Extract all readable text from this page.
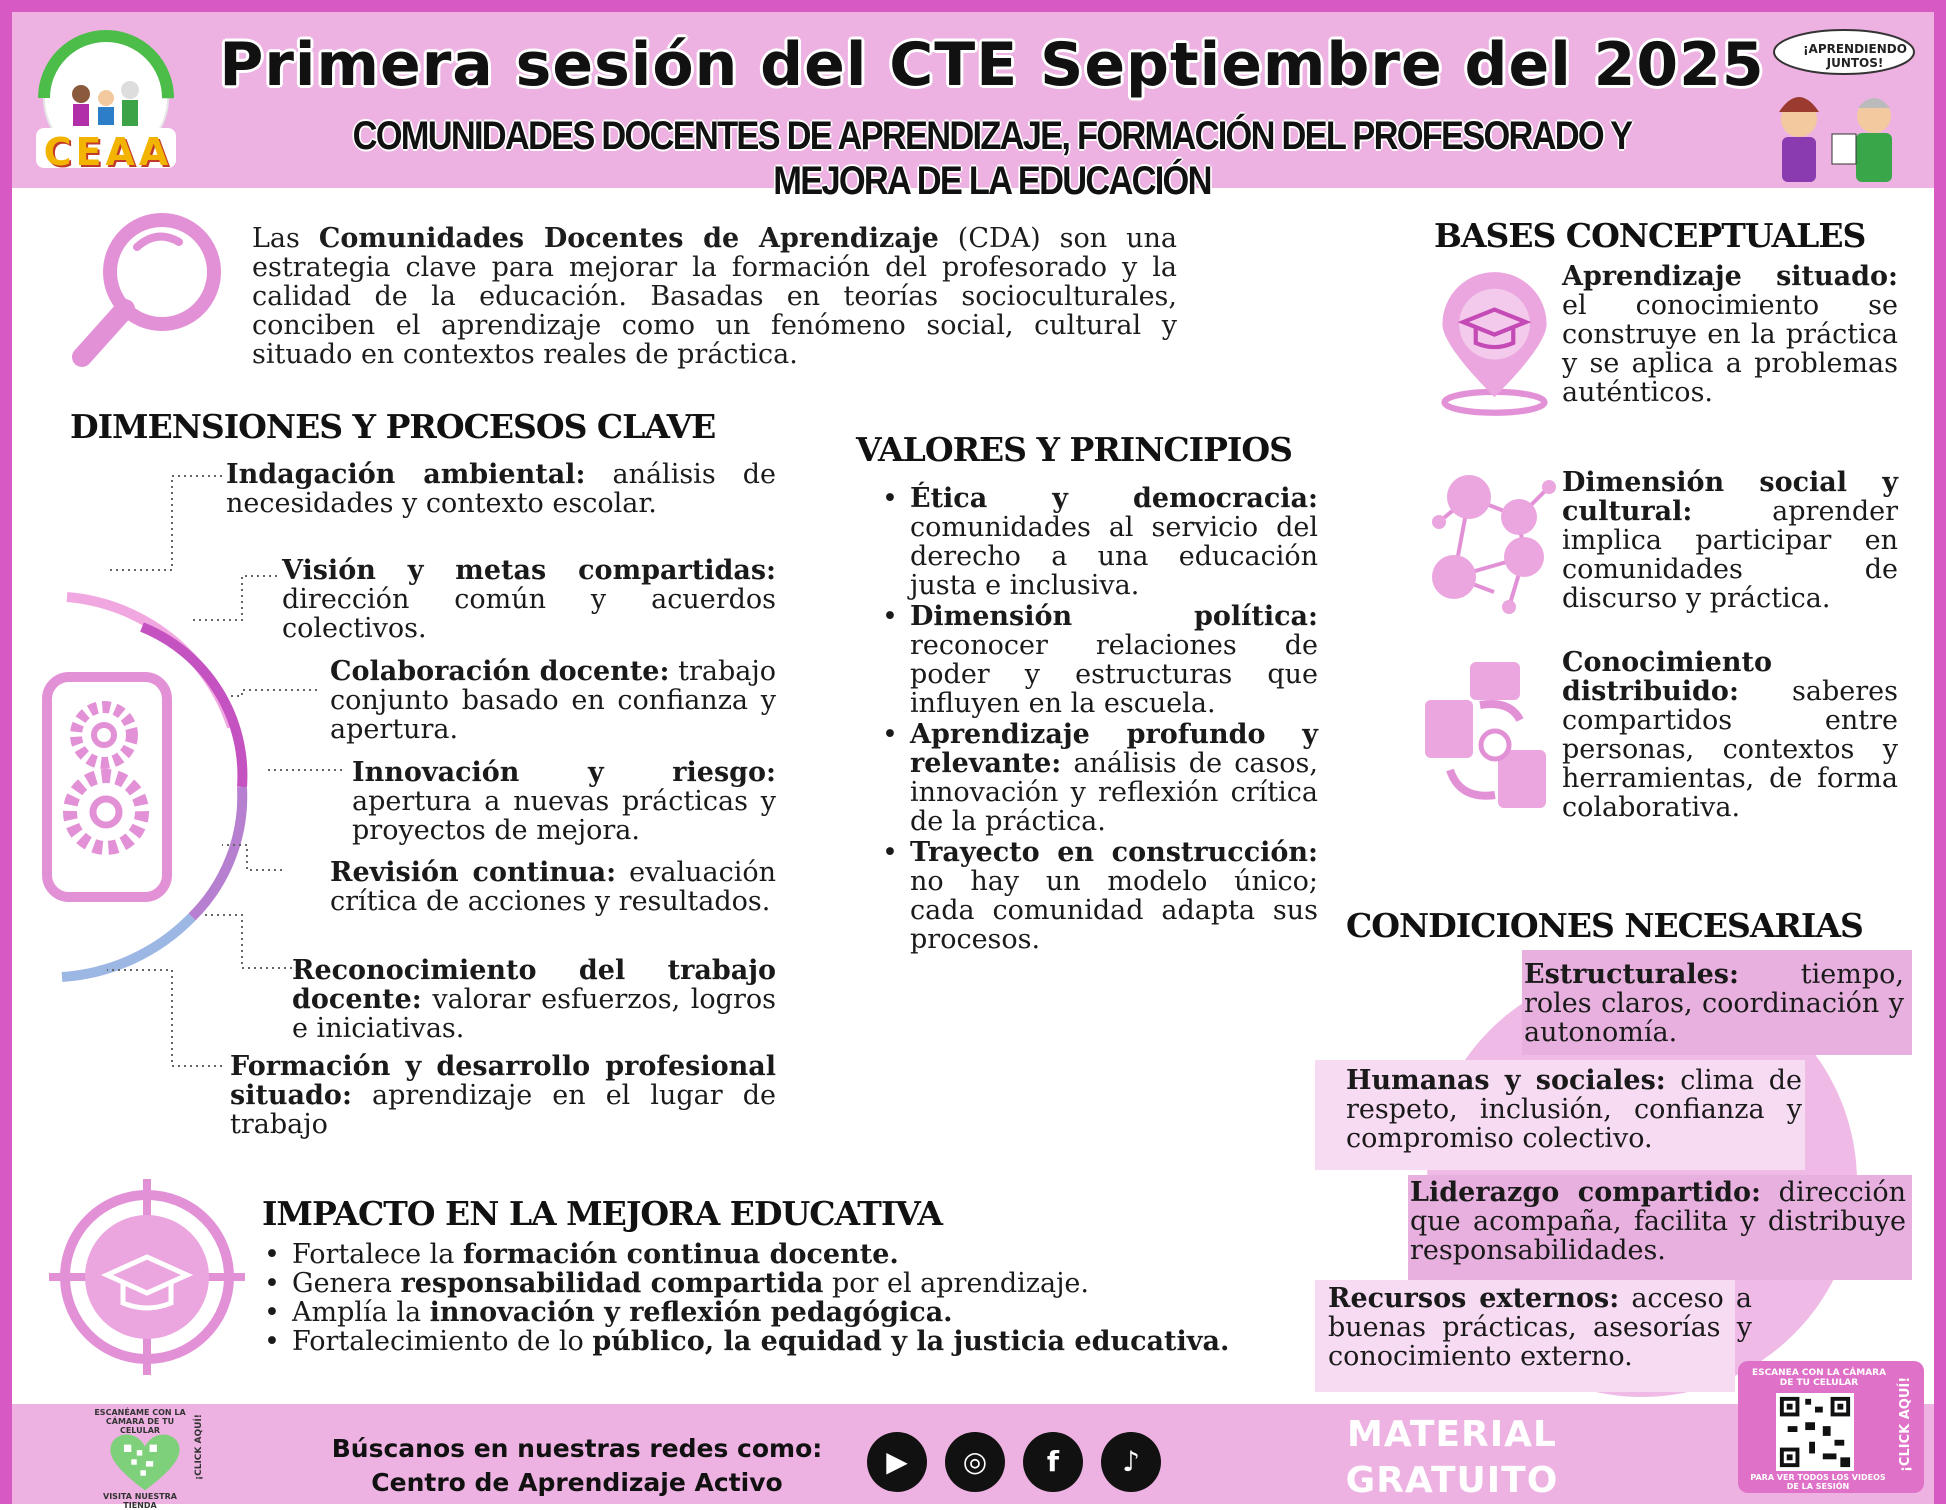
CEAA
Primera sesión del CTE Septiembre del 2025
COMUNIDADES DOCENTES DE APRENDIZAJE, FORMACIÓN DEL PROFESORADO Y MEJORA DE LA EDUCACIÓN
¡APRENDIENDO JUNTOS!
Las Comunidades Docentes de Aprendizaje (CDA) son una estrategia clave para mejorar la formación del profesorado y la calidad de la educación. Basadas en teorías socioculturales, conciben el aprendizaje como un fenómeno social, cultural y situado en contextos reales de práctica.
DIMENSIONES Y PROCESOS CLAVE
Indagación ambiental: análisis de necesidades y contexto escolar.
Visión y metas compartidas: dirección común y acuerdos colectivos.
Colaboración docente: trabajo conjunto basado en confianza y apertura.
Innovación y riesgo: apertura a nuevas prácticas y proyectos de mejora.
Revisión continua: evaluación crítica de acciones y resultados.
Reconocimiento del trabajo docente: valorar esfuerzos, logros e iniciativas.
Formación y desarrollo profesional situado: aprendizaje en el lugar de trabajo
VALORES Y PRINCIPIOS
• Ética y democracia: comunidades al servicio del derecho a una educación justa e inclusiva.
• Dimensión política: reconocer relaciones de poder y estructuras que influyen en la escuela.
• Aprendizaje profundo y relevante: análisis de casos, innovación y reflexión crítica de la práctica.
• Trayecto en construcción: no hay un modelo único; cada comunidad adapta sus procesos.
BASES CONCEPTUALES
Aprendizaje situado: el conocimiento se construye en la práctica y se aplica a problemas auténticos.
Dimensión social y cultural: aprender implica participar en comunidades de discurso y práctica.
Conocimiento distribuido: saberes compartidos entre personas, contextos y herramientas, de forma colaborativa.
CONDICIONES NECESARIAS
Estructurales: tiempo, roles claros, coordinación y autonomía.
Humanas y sociales: clima de respeto, inclusión, confianza y compromiso colectivo.
Liderazgo compartido: dirección que acompaña, facilita y distribuye responsabilidades.
Recursos externos: acceso a buenas prácticas, asesorías y conocimiento externo.
IMPACTO EN LA MEJORA EDUCATIVA
• Fortalece la formación continua docente.
• Genera responsabilidad compartida por el aprendizaje.
• Amplía la innovación y reflexión pedagógica.
• Fortalecimiento de lo público, la equidad y la justicia educativa.
ESCANÉAME CON LA CÁMARA DE TU CELULAR
VISITA NUESTRA TIENDA
¡CLICK AQUÍ!	Búscanos en nuestras redes como:
Centro de Aprendizaje Activo
▶	◎	f	♪
MATERIAL
GRATUITO
ESCANEA CON LA CÁMARA DE TU CELULAR
PARA VER TODOS LOS VIDEOS DE LA SESIÓN
¡CLICK AQUÍ!
